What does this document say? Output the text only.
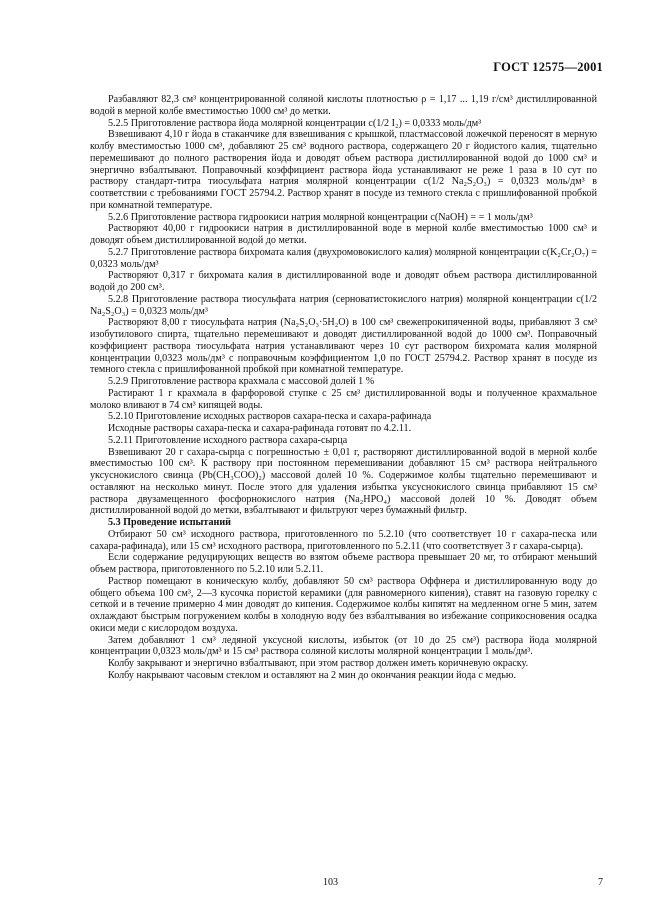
ГОСТ 12575—2001

Разбавляют 82,3 см³ концентрированной соляной кислоты плотностью ρ = 1,17 ... 1,19 г/см³ дистиллированной водой в мерной колбе вместимостью 1000 см³ до метки.

5.2.5 Приготовление раствора йода молярной концентрации c(1/2 I₂) = 0,0333 моль/дм³

Взвешивают 4,10 г йода в стаканчике для взвешивания с крышкой, пластмассовой ложечкой переносят в мерную колбу вместимостью 1000 см³, добавляют 25 см³ водного раствора, содержащего 20 г йодистого калия, тщательно перемешивают до полного растворения йода и доводят объем раствора дистиллированной водой до 1000 см³ и энергично взбалтывают. Поправочный коэффициент раствора йода устанавливают не реже 1 раза в 10 сут по раствору стандарт-титра тиосульфата натрия молярной концентрации c(1/2 Na₂S₂O₃) = 0,0323 моль/дм³ в соответствии с требованиями ГОСТ 25794.2. Раствор хранят в посуде из темного стекла с пришлифованной пробкой при комнатной температуре.

5.2.6 Приготовление раствора гидроокиси натрия молярной концентрации c(NaOH) = = 1 моль/дм³

Растворяют 40,00 г гидроокиси натрия в дистиллированной воде в мерной колбе вместимостью 1000 см³ и доводят объем дистиллированной водой до метки.

5.2.7 Приготовление раствора бихромата калия (двухромовокислого калия) молярной концентрации c(K₂Cr₂O₇) = 0,0323 моль/дм³

Растворяют 0,317 г бихромата калия в дистиллированной воде и доводят объем раствора дистиллированной водой до 200 см³.

5.2.8 Приготовление раствора тиосульфата натрия (серноватистокислого натрия) молярной концентрации c(1/2 Na₂S₂O₃) = 0,0323 моль/дм³

Растворяют 8,00 г тиосульфата натрия (Na₂S₂O₃·5H₂O) в 100 см³ свежепрокипяченной воды, прибавляют 3 см³ изобутилового спирта, тщательно перемешивают и доводят дистиллированной водой до 1000 см³. Поправочный коэффициент раствора тиосульфата натрия устанавливают через 10 сут раствором бихромата калия молярной концентрации 0,0323 моль/дм³ с поправочным коэффициентом 1,0 по ГОСТ 25794.2. Раствор хранят в посуде из темного стекла с пришлифованной пробкой при комнатной температуре.

5.2.9 Приготовление раствора крахмала с массовой долей 1 %

Растирают 1 г крахмала в фарфоровой ступке с 25 см³ дистиллированной воды и полученное крахмальное молоко вливают в 74 см³ кипящей воды.

5.2.10 Приготовление исходных растворов сахара-песка и сахара-рафинада

Исходные растворы сахара-песка и сахара-рафинада готовят по 4.2.11.

5.2.11 Приготовление исходного раствора сахара-сырца

Взвешивают 20 г сахара-сырца с погрешностью ± 0,01 г, растворяют дистиллированной водой в мерной колбе вместимостью 100 см³. К раствору при постоянном перемешивании добавляют 15 см³ раствора нейтрального уксуснокислого свинца (Pb(CH₃COO)₂) массовой долей 10 %. Содержимое колбы тщательно перемешивают и оставляют на несколько минут. После этого для удаления избытка уксуснокислого свинца прибавляют 15 см³ раствора двузамещенного фосфорнокислого натрия (Na₂HPO₄) массовой долей 10 %. Доводят объем дистиллированной водой до метки, взбалтывают и фильтруют через бумажный фильтр.

5.3 Проведение испытаний

Отбирают 50 см³ исходного раствора, приготовленного по 5.2.10 (что соответствует 10 г сахара-песка или сахара-рафинада), или 15 см³ исходного раствора, приготовленного по 5.2.11 (что соответствует 3 г сахара-сырца).

Если содержание редуцирующих веществ во взятом объеме раствора превышает 20 мг, то отбирают меньший объем раствора, приготовленного по 5.2.10 или 5.2.11.

Раствор помещают в коническую колбу, добавляют 50 см³ раствора Оффнера и дистиллированную воду до общего объема 100 см³, 2—3 кусочка пористой керамики (для равномерного кипения), ставят на газовую горелку с сеткой и в течение примерно 4 мин доводят до кипения. Содержимое колбы кипятят на медленном огне 5 мин, затем охлаждают быстрым погружением колбы в холодную воду без взбалтывания во избежание соприкосновения осадка окиси меди с кислородом воздуха.

Затем добавляют 1 см³ ледяной уксусной кислоты, избыток (от 10 до 25 см³) раствора йода молярной концентрации 0,0323 моль/дм³ и 15 см³ раствора соляной кислоты молярной концентрации 1 моль/дм³.

Колбу закрывают и энергично взбалтывают, при этом раствор должен иметь коричневую окраску.

Колбу накрывают часовым стеклом и оставляют на 2 мин до окончания реакции йода с медью.

103	7
